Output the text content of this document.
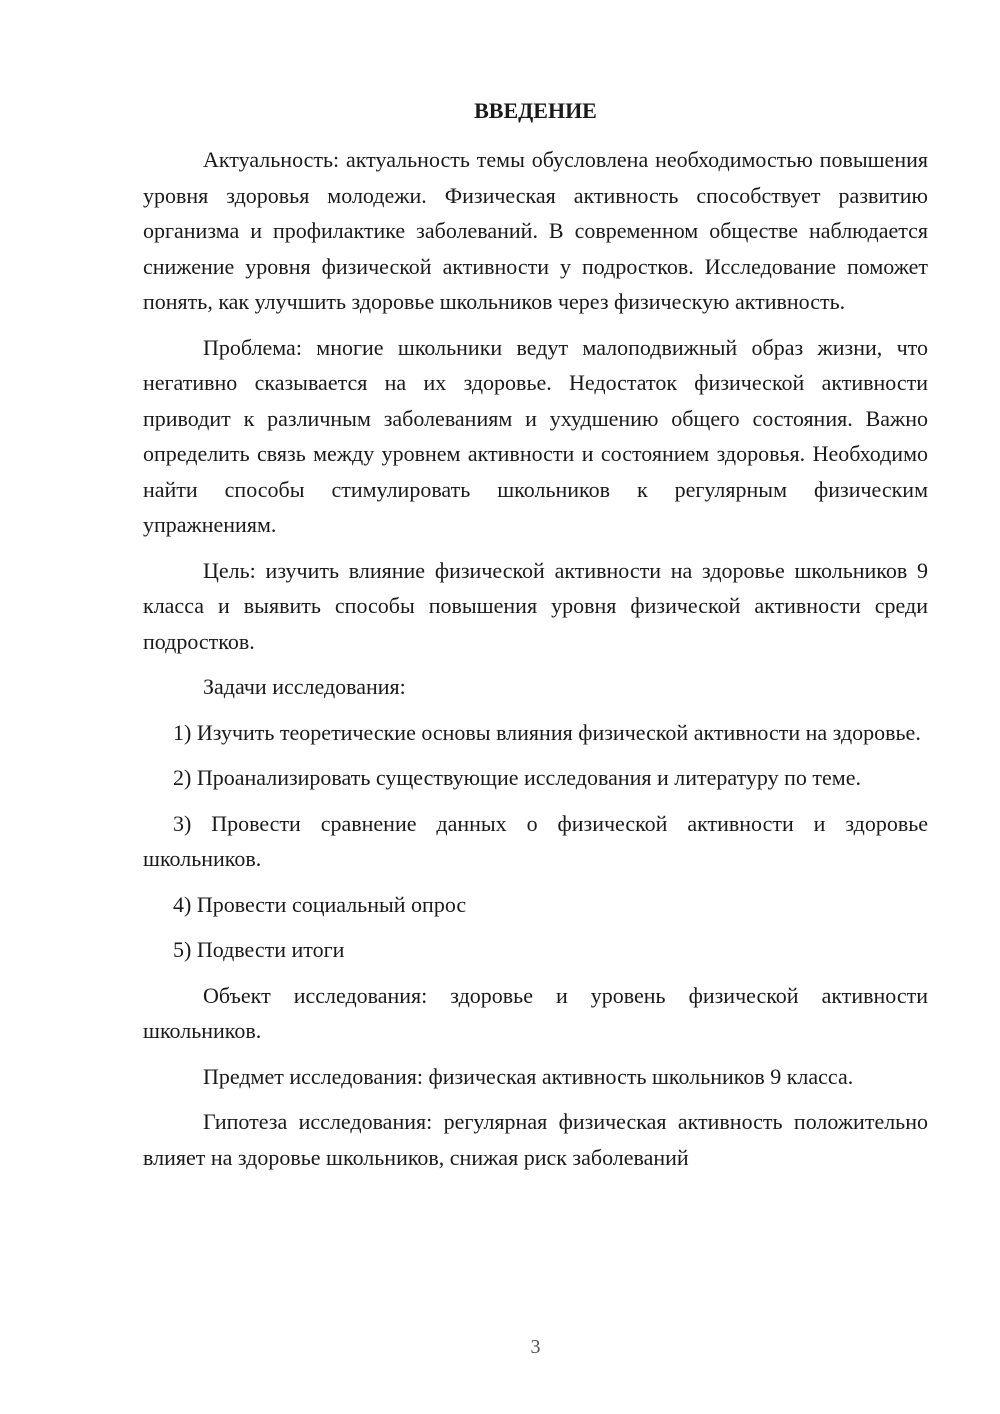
ВВЕДЕНИЕ

Актуальность: актуальность темы обусловлена необходимостью повышения уровня здоровья молодежи. Физическая активность способствует развитию организма и профилактике заболеваний. В современном обществе наблюдается снижение уровня физической активности у подростков. Исследование поможет понять, как улучшить здоровье школьников через физическую активность.

Проблема: многие школьники ведут малоподвижный образ жизни, что негативно сказывается на их здоровье. Недостаток физической активности приводит к различным заболеваниям и ухудшению общего состояния. Важно определить связь между уровнем активности и состоянием здоровья. Необходимо найти способы стимулировать школьников к регулярным физическим упражнениям.

Цель: изучить влияние физической активности на здоровье школьников 9 класса и выявить способы повышения уровня физической активности среди подростков.

Задачи исследования:

1) Изучить теоретические основы влияния физической активности на здоровье.

2) Проанализировать существующие исследования и литературу по теме.

3) Провести сравнение данных о физической активности и здоровье школьников.

4) Провести социальный опрос

5) Подвести итоги

Объект исследования: здоровье и уровень физической активности школьников.

Предмет исследования: физическая активность школьников 9 класса.

Гипотеза исследования: регулярная физическая активность положительно влияет на здоровье школьников, снижая риск заболеваний

3
